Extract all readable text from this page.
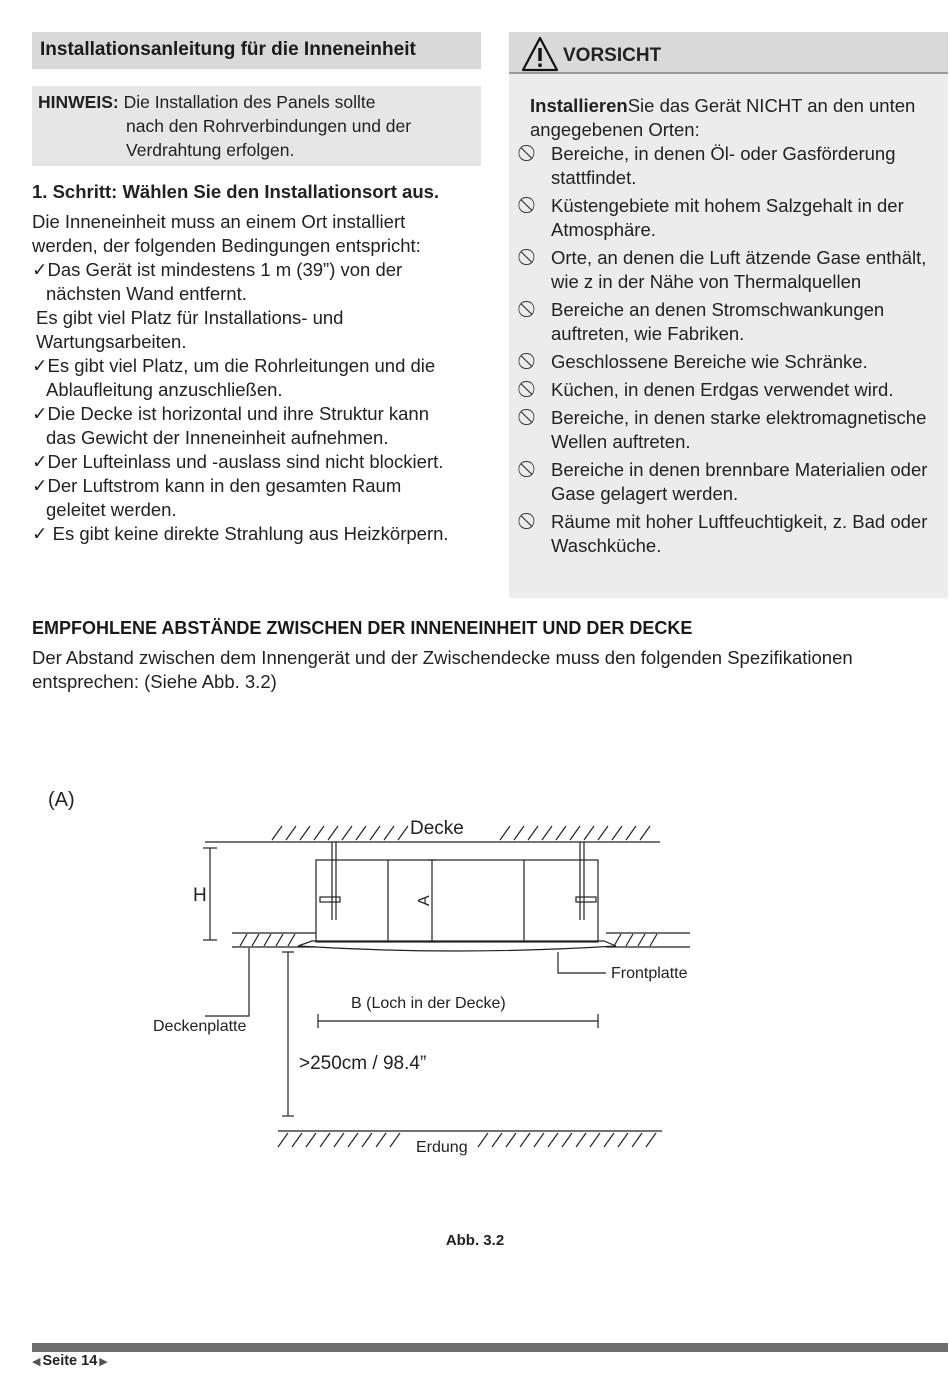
Installationsanleitung für die Inneneinheit
HINWEIS: Die Installation des Panels sollte
nach den Rohrverbindungen und der
Verdrahtung erfolgen.
1. Schritt: Wählen Sie den Installationsort aus.
Die Inneneinheit muss an einem Ort installiert
werden, der folgenden Bedingungen entspricht:
✓Das Gerät ist mindestens 1 m (39”) von der
nächsten Wand entfernt.
Es gibt viel Platz für Installations- und
Wartungsarbeiten.
✓Es gibt viel Platz, um die Rohrleitungen und die
Ablaufleitung anzuschließen.
✓Die Decke ist horizontal und ihre Struktur kann
das Gewicht der Inneneinheit aufnehmen.
✓Der Lufteinlass und -auslass sind nicht blockiert.
✓Der Luftstrom kann in den gesamten Raum
geleitet werden.
✓ Es gibt keine direkte Strahlung aus Heizkörpern.
VORSICHT
InstallierenSie das Gerät NICHT an den unten angegebenen Orten:
Bereiche, in denen Öl- oder Gasförderung stattfindet.
Küstengebiete mit hohem Salzgehalt in der Atmosphäre.
Orte, an denen die Luft ätzende Gase enthält, wie z in der Nähe von Thermalquellen
Bereiche an denen Stromschwankungen auftreten, wie Fabriken.
Geschlossene Bereiche wie Schränke.
Küchen, in denen Erdgas verwendet wird.
Bereiche, in denen starke elektromagnetische Wellen auftreten.
Bereiche in denen brennbare Materialien oder Gase gelagert werden.
Räume mit hoher Luftfeuchtigkeit, z. Bad oder Waschküche.
EMPFOHLENE ABSTÄNDE ZWISCHEN DER INNENEINHEIT UND DER DECKE
Der Abstand zwischen dem Innengerät und der Zwischendecke muss den folgenden Spezifikationen entsprechen: (Siehe Abb. 3.2)
(A)
Decke
H	A
Frontplatte
Deckenplatte
B (Loch in der Decke)
>250cm / 98.4”
Erdung
Abb. 3.2
◀ Seite 14 ▶
